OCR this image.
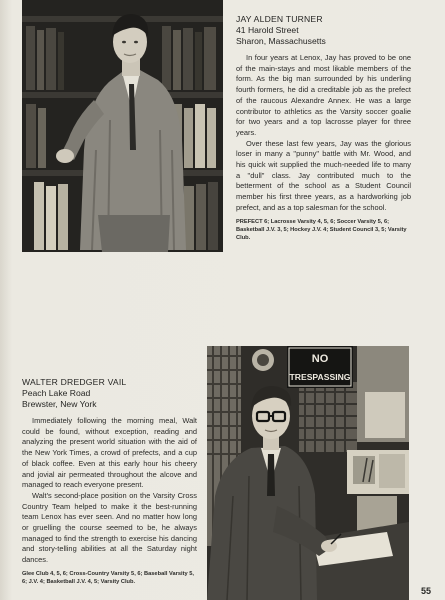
JAY ALDEN TURNER
41 Harold Street
Sharon, Massachusetts

In four years at Lenox, Jay has proved to be one of the main-stays and most likable members of the form. As the big man surrounded by his underling fourth formers, he did a creditable job as the prefect of the raucous Alexandre Annex. He was a large contributor to athletics as the Varsity soccer goalie for two years and a top lacrosse player for three years.

Over these last few years, Jay was the glorious loser in many a "punny" battle with Mr. Wood, and his quick wit supplied the much-needed life to many a "dull" class. Jay contributed much to the betterment of the school as a Student Council member his first three years, as a hardworking job prefect, and as a top salesman for the school.

PREFECT 6; Lacrosse Varsity 4, 5, 6; Soccer Varsity 5, 6; Basketball J.V. 3, 5; Hockey J.V. 4; Student Council 3, 5; Varsity Club.
WALTER DREDGER VAIL
Peach Lake Road
Brewster, New York

Immediately following the morning meal, Walt could be found, without exception, reading and analyzing the present world situation with the aid of the New York Times, a crowd of prefects, and a cup of black coffee. Even at this early hour his cheery and jovial air permeated throughout the alcove and managed to reach everyone present.

Walt's second-place position on the Varsity Cross Country Team helped to make it the best-running team Lenox has ever seen. And no matter how long or gruelling the course seemed to be, he always managed to find the strength to exercise his dancing and story-telling abilities at all the Saturday night dances.

Glee Club 4, 5, 6; Cross-Country Varsity 5, 6; Baseball Varsity 5, 6; J.V. 4; Basketball J.V. 4, 5; Varsity Club.
NO
TRESPASSING
55
